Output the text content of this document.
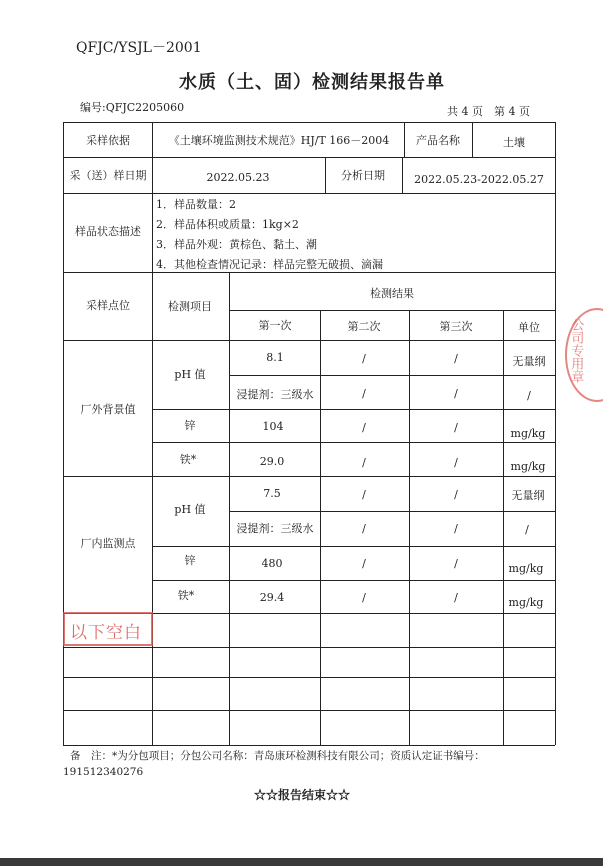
QFJC/YSJL－2001
水质（土、固）检测结果报告单
编号:QFJC2205060	共 4 页　第 4 页
采样依据	《土壤环境监测技术规范》HJ/T 166－2004 产品名称	土壤
采（送）样日期	2022.05.23	分析日期	2022.05.23-2022.05.27
样品状态描述
1．样品数量：2
2．样品体积或质量：1kg×2
3．样品外观：黄棕色、黏土、潮
4．其他检查情况记录：样品完整无破损、滴漏
采样点位	检测项目
检测结果
第一次	第二次	第三次	单位
厂外背景值
pH 值
8.1	/	/	无量纲
浸提剂：三级水	/	/	/
锌	104	/	/	mg/kg
铁*	29.0	/	/	mg/kg
厂内监测点
pH 值
7.5	/	/	无量纲
浸提剂：三级水	/	/	/
锌	480	/	/	mg/kg
铁*	29.4	/	/	mg/kg
以下空白
公司专用章
备　注：*为分包项目；分包公司名称：青岛康环检测科技有限公司；资质认定证书编号：
191512340276
☆☆报告结束☆☆
